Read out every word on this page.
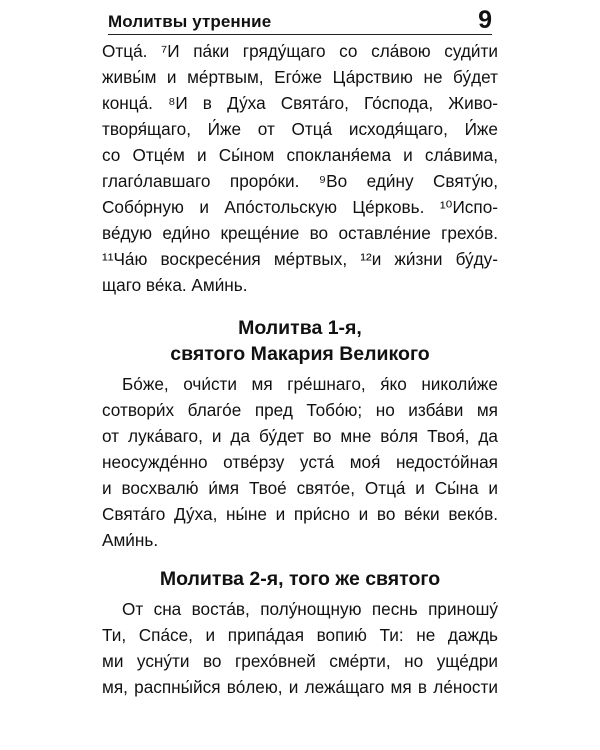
Молитвы утренние	9
Отца́. ⁷И па́ки гряду́щаго со сла́вою суди́ти
живы́м и ме́ртвым, Его́же Ца́рствию не бу́дет
конца́. ⁸И в Ду́ха Свята́го, Го́спода, Живо-
творя́щаго, И́же от Отца́ исходя́щаго, И́же
со Отце́м и Сы́ном спокланя́ема и сла́вима,
глаго́лавшаго проро́ки. ⁹Во еди́ну Святу́ю,
Собо́рную и Апо́стольскую Це́рковь. ¹⁰Испо-
ве́дую еди́но креще́ние во оставле́ние грехо́в.
¹¹Ча́ю воскресе́ния ме́ртвых, ¹²и жи́зни бу́ду-
щаго ве́ка. Ами́нь.
Молитва 1-я,
святого Макария Великого
Бо́же, очи́сти мя гре́шнаго, я́ко николи́же
сотвори́х благо́е пред Тобо́ю; но изба́ви мя
от лука́ваго, и да бу́дет во мне во́ля Твоя́, да
неосужде́нно отве́рзу уста́ моя́ недосто́йная
и восхвалю́ и́мя Твое́ свято́е, Отца́ и Сы́на и
Свята́го Ду́ха, ны́не и при́сно и во ве́ки веко́в.
Ами́нь.
Молитва 2-я, того же святого
От сна воста́в, полу́нощную песнь приношу́
Ти, Спа́се, и припа́дая вопию́ Ти: не даждь
ми усну́ти во грехо́вней сме́рти, но уще́дри
мя, распны́йся во́лею, и лежа́щаго мя в ле́ности
